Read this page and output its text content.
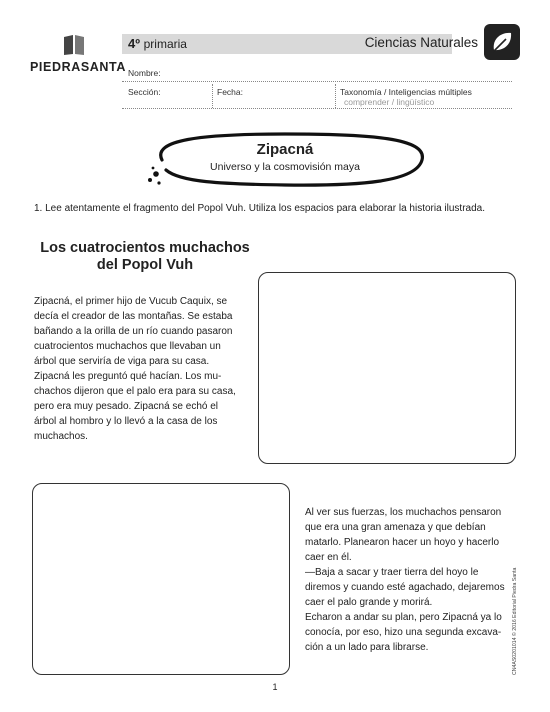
PIEDRASANTA
4º primaria	Ciencias Naturales
Nombre:
Sección:	Fecha:	Taxonomía / Inteligencias múltiples
comprender / lingüístico
Zipacná
Universo y la cosmovisión maya
1. Lee atentamente el fragmento del Popol Vuh. Utiliza los espacios para elaborar la historia ilustrada.
Los cuatrocientos muchachos
del Popol Vuh
Zipacná, el primer hijo de Vucub Caquix, se
decía el creador de las montañas. Se estaba
bañando a la orilla de un río cuando pasaron
cuatrocientos muchachos que llevaban un
árbol que serviría de viga para su casa.
Zipacná les preguntó qué hacían. Los mu-
chachos dijeron que el palo era para su casa,
pero era muy pesado. Zipacná se echó el
árbol al hombro y lo llevó a la casa de los
muchachos.
Al ver sus fuerzas, los muchachos pensaron
que era una gran amenaza y que debían
matarlo. Planearon hacer un hoyo y hacerlo
caer en él.
—Baja a sacar y traer tierra del hoyo le
diremos y cuando esté agachado, dejaremos
caer el palo grande y morirá.
Echaron a andar su plan, pero Zipacná ya lo
conocía, por eso, hizo una segunda excava-
ción a un lado para librarse.	CN4AS0201014 © 2016 Editorial Piedra Santa
1
